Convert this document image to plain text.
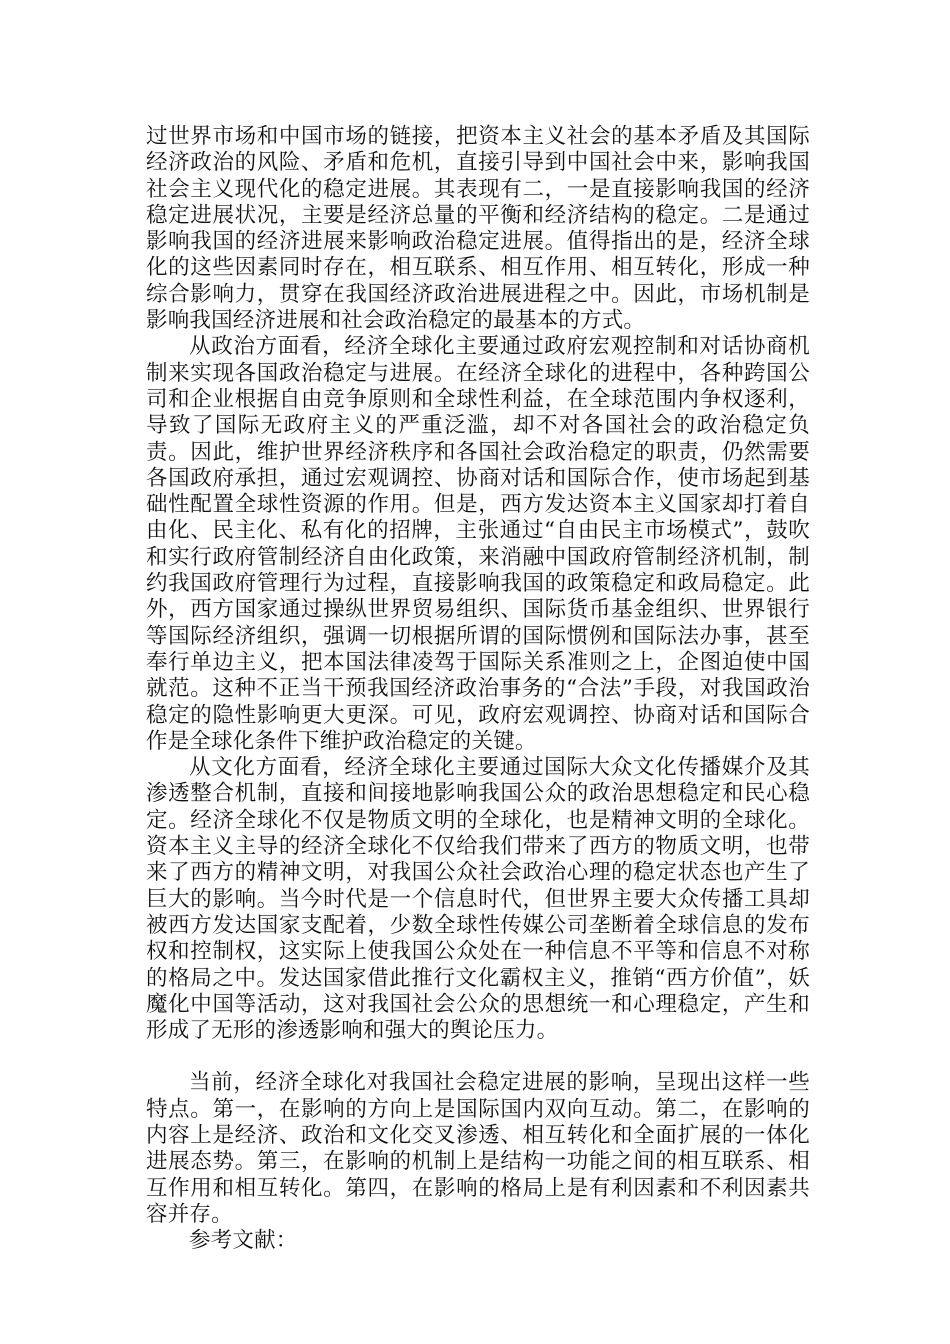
过世界市场和中国市场的链接，把资本主义社会的基本矛盾及其国际经济政治的风险、矛盾和危机，直接引导到中国社会中来，影响我国社会主义现代化的稳定进展。其表现有二，一是直接影响我国的经济稳定进展状况，主要是经济总量的平衡和经济结构的稳定。二是通过影响我国的经济进展来影响政治稳定进展。值得指出的是，经济全球化的这些因素同时存在，相互联系、相互作用、相互转化，形成一种综合影响力，贯穿在我国经济政治进展进程之中。因此，市场机制是影响我国经济进展和社会政治稳定的最基本的方式。

从政治方面看，经济全球化主要通过政府宏观控制和对话协商机制来实现各国政治稳定与进展。在经济全球化的进程中，各种跨国公司和企业根据自由竞争原则和全球性利益，在全球范围内争权逐利，导致了国际无政府主义的严重泛滥，却不对各国社会的政治稳定负责。因此，维护世界经济秩序和各国社会政治稳定的职责，仍然需要各国政府承担，通过宏观调控、协商对话和国际合作，使市场起到基础性配置全球性资源的作用。但是，西方发达资本主义国家却打着自由化、民主化、私有化的招牌，主张通过“自由民主市场模式”，鼓吹和实行政府管制经济自由化政策，来消融中国政府管制经济机制，制约我国政府管理行为过程，直接影响我国的政策稳定和政局稳定。此外，西方国家通过操纵世界贸易组织、国际货币基金组织、世界银行等国际经济组织，强调一切根据所谓的国际惯例和国际法办事，甚至奉行单边主义，把本国法律凌驾于国际关系准则之上，企图迫使中国就范。这种不正当干预我国经济政治事务的“合法”手段，对我国政治稳定的隐性影响更大更深。可见，政府宏观调控、协商对话和国际合作是全球化条件下维护政治稳定的关键。

从文化方面看，经济全球化主要通过国际大众文化传播媒介及其渗透整合机制，直接和间接地影响我国公众的政治思想稳定和民心稳定。经济全球化不仅是物质文明的全球化，也是精神文明的全球化。资本主义主导的经济全球化不仅给我们带来了西方的物质文明，也带来了西方的精神文明，对我国公众社会政治心理的稳定状态也产生了巨大的影响。当今时代是一个信息时代，但世界主要大众传播工具却被西方发达国家支配着，少数全球性传媒公司垄断着全球信息的发布权和控制权，这实际上使我国公众处在一种信息不平等和信息不对称的格局之中。发达国家借此推行文化霸权主义，推销“西方价值”，妖魔化中国等活动，这对我国社会公众的思想统一和心理稳定，产生和形成了无形的渗透影响和强大的舆论压力。

当前，经济全球化对我国社会稳定进展的影响，呈现出这样一些特点。第一，在影响的方向上是国际国内双向互动。第二，在影响的内容上是经济、政治和文化交叉渗透、相互转化和全面扩展的一体化进展态势。第三，在影响的机制上是结构一功能之间的相互联系、相互作用和相互转化。第四，在影响的格局上是有利因素和不利因素共容并存。

参考文献：
